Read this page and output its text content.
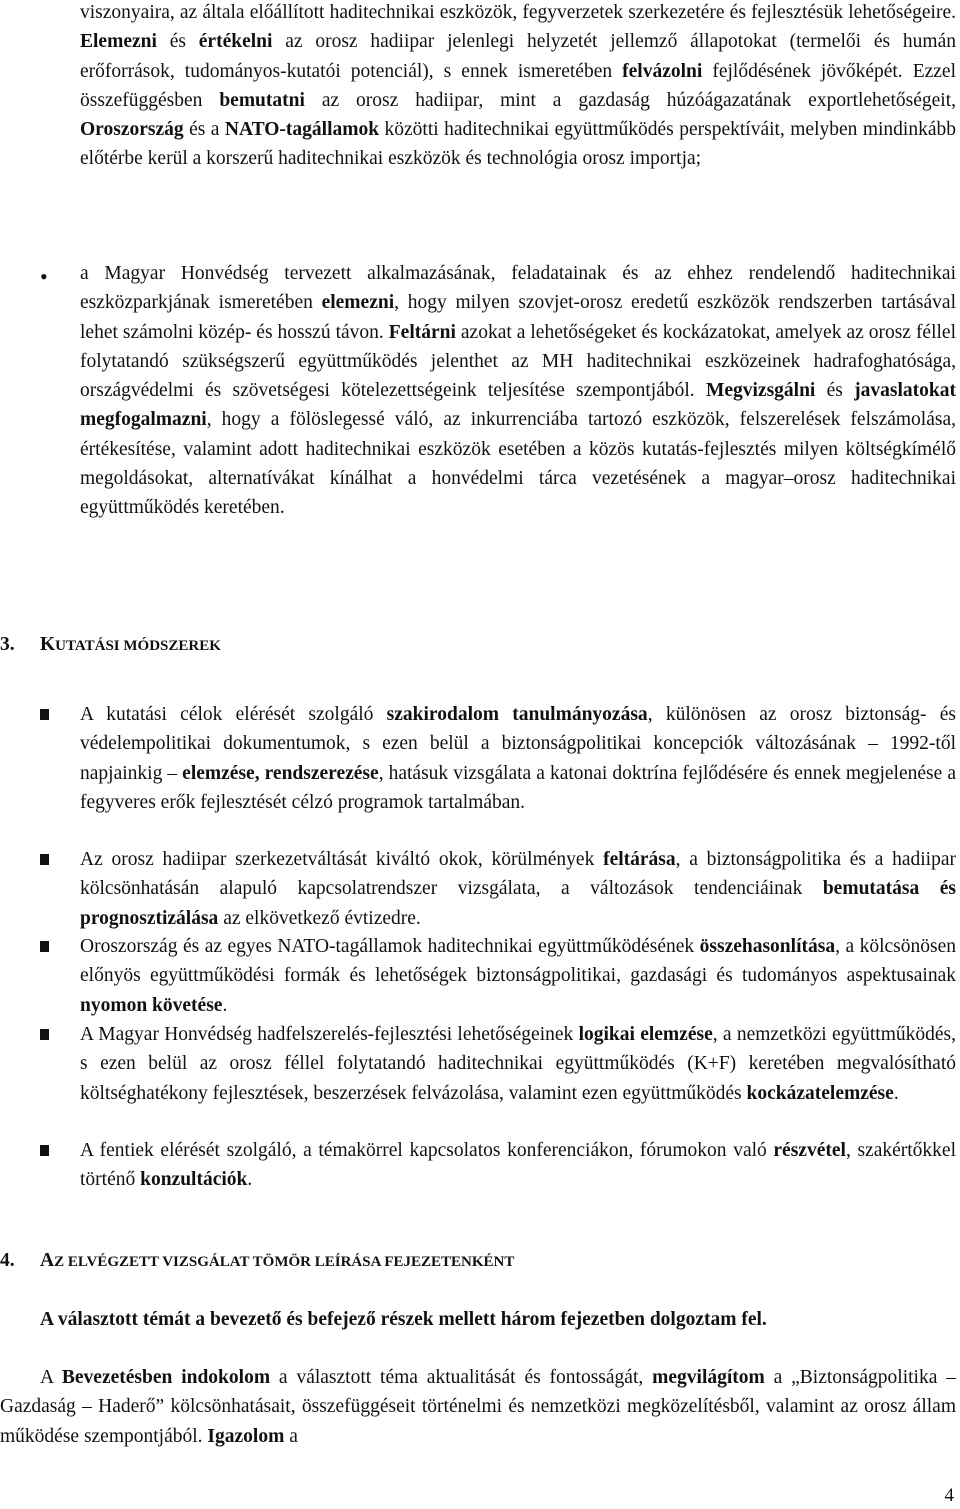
viszonyaira, az általa előállított haditechnikai eszközök, fegyverzetek szerkezetére és fejlesztésük lehetőségeire. Elemezni és értékelni az orosz hadiipar jelenlegi helyzetét jellemző állapotokat (termelői és humán erőforrások, tudományos-kutatói potenciál), s ennek ismeretében felvázolni fejlődésének jövőképét. Ezzel összefüggésben bemutatni az orosz hadiipar, mint a gazdaság húzóágazatának exportlehetőségeit, Oroszország és a NATO-tagállamok közötti haditechnikai együttműködés perspektíváit, melyben mindinkább előtérbe kerül a korszerű haditechnikai eszközök és technológia orosz importja;

• a Magyar Honvédség tervezett alkalmazásának, feladatainak és az ehhez rendelendő haditechnikai eszközparkjának ismeretében elemezni, hogy milyen szovjet-orosz eredetű eszközök rendszerben tartásával lehet számolni közép- és hosszú távon. Feltárni azokat a lehetőségeket és kockázatokat, amelyek az orosz féllel folytatandó szükségszerű együttműködés jelenthet az MH haditechnikai eszközeinek hadrafoghatósága, országvédelmi és szövetségesi kötelezettségeink teljesítése szempontjából. Megvizsgálni és javaslatokat megfogalmazni, hogy a fölöslegessé váló, az inkurrenciába tartozó eszközök, felszerelések felszámolása, értékesítése, valamint adott haditechnikai eszközök esetében a közös kutatás-fejlesztés milyen költségkímélő megoldásokat, alternatívákat kínálhat a honvédelmi tárca vezetésének a magyar–orosz haditechnikai együttműködés keretében.

3. KUTATÁSI MÓDSZEREK

A kutatási célok elérését szolgáló szakirodalom tanulmányozása, különösen az orosz biztonság- és védelempolitikai dokumentumok, s ezen belül a biztonságpolitikai koncepciók változásának – 1992-től napjainkig – elemzése, rendszerezése, hatásuk vizsgálata a katonai doktrína fejlődésére és ennek megjelenése a fegyveres erők fejlesztését célzó programok tartalmában.

Az orosz hadiipar szerkezetváltását kiváltó okok, körülmények feltárása, a biztonságpolitika és a hadiipar kölcsönhatásán alapuló kapcsolatrendszer vizsgálata, a változások tendenciáinak bemutatása és prognosztizálása az elkövetkező évtizedre.

Oroszország és az egyes NATO-tagállamok haditechnikai együttműködésének összehasonlítása, a kölcsönösen előnyös együttműködési formák és lehetőségek biztonságpolitikai, gazdasági és tudományos aspektusainak nyomon követése.

A Magyar Honvédség hadfelszerelés-fejlesztési lehetőségeinek logikai elemzése, a nemzetközi együttműködés, s ezen belül az orosz féllel folytatandó haditechnikai együttműködés (K+F) keretében megvalósítható költséghatékony fejlesztések, beszerzések felvázolása, valamint ezen együttműködés kockázatelemzése.

A fentiek elérését szolgáló, a témakörrel kapcsolatos konferenciákon, fórumokon való részvétel, szakértőkkel történő konzultációk.

4. AZ ELVÉGZETT VIZSGÁLAT TÖMÖR LEÍRÁSA FEJEZETENKÉNT

A választott témát a bevezető és befejező részek mellett három fejezetben dolgoztam fel.

A Bevezetésben indokolom a választott téma aktualitását és fontosságát, megvilágítom a „Biztonságpolitika – Gazdaság – Haderő” kölcsönhatásait, összefüggéseit történelmi és nemzetközi megközelítésből, valamint az orosz állam működése szempontjából. Igazolom a

4
